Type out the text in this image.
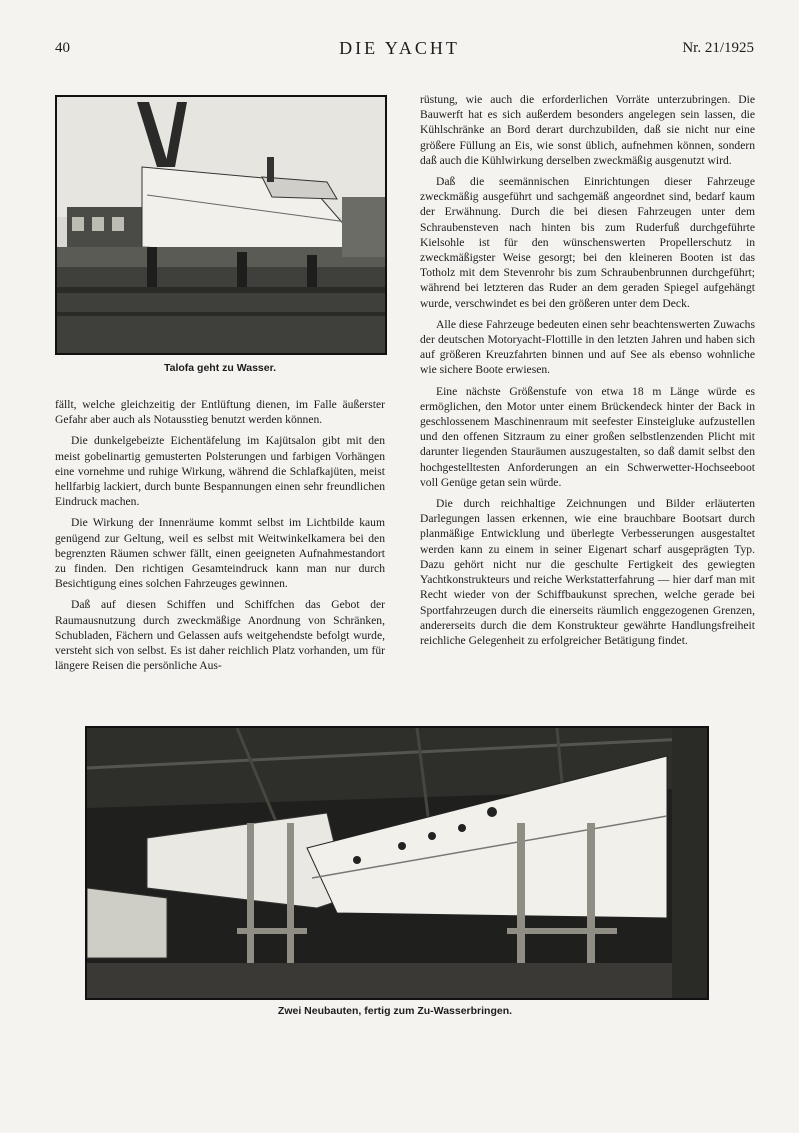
40	DIE YACHT	Nr. 21/1925
Talofa geht zu Wasser.

fällt, welche gleichzeitig der Entlüftung dienen, im Falle äußerster Gefahr aber auch als Notausstieg benutzt werden können.

Die dunkelgebeizte Eichentäfelung im Kajütsalon gibt mit den meist gobelinartig gemusterten Polsterungen und farbigen Vorhängen eine vornehme und ruhige Wirkung, während die Schlafkajüten, meist hellfarbig lackiert, durch bunte Bespannungen einen sehr freundlichen Eindruck machen.

Die Wirkung der Innenräume kommt selbst im Lichtbilde kaum genügend zur Geltung, weil es selbst mit Weitwinkelkamera bei den begrenzten Räumen schwer fällt, einen geeigneten Aufnahmestandort zu finden. Den richtigen Gesamteindruck kann man nur durch Besichtigung eines solchen Fahrzeuges gewinnen.

Daß auf diesen Schiffen und Schiffchen das Gebot der Raumausnutzung durch zweckmäßige Anordnung von Schränken, Schubladen, Fächern und Gelassen aufs weitgehendste befolgt wurde, versteht sich von selbst. Es ist daher reichlich Platz vorhanden, um für längere Reisen die persönliche Aus-

rüstung, wie auch die erforderlichen Vorräte unterzubringen. Die Bauwerft hat es sich außerdem besonders angelegen sein lassen, die Kühlschränke an Bord derart durchzubilden, daß sie nicht nur eine größere Füllung an Eis, wie sonst üblich, aufnehmen können, sondern daß auch die Kühlwirkung derselben zweckmäßig ausgenutzt wird.

Daß die seemännischen Einrichtungen dieser Fahrzeuge zweckmäßig ausgeführt und sachgemäß angeordnet sind, bedarf kaum der Erwähnung. Durch die bei diesen Fahrzeugen unter dem Schraubensteven nach hinten bis zum Ruderfuß durchgeführte Kielsohle ist für den wünschenswerten Propellerschutz in zweckmäßigster Weise gesorgt; bei den kleineren Booten ist das Totholz mit dem Stevenrohr bis zum Schraubenbrunnen durchgeführt; während bei letzteren das Ruder an dem geraden Spiegel aufgehängt wurde, verschwindet es bei den größeren unter dem Deck.

Alle diese Fahrzeuge bedeuten einen sehr beachtenswerten Zuwachs der deutschen Motoryacht-Flottille in den letzten Jahren und haben sich auf größeren Kreuzfahrten binnen und auf See als ebenso wohnliche wie sichere Boote erwiesen.

Eine nächste Größenstufe von etwa 18 m Länge würde es ermöglichen, den Motor unter einem Brückendeck hinter der Back in geschlossenem Maschinenraum mit seefester Einsteigluke aufzustellen und den offenen Sitzraum zu einer großen selbstlenzenden Plicht mit darunter liegenden Stauräumen auszugestalten, so daß damit selbst den hochgestelltesten Anforderungen an ein Schwerwetter-Hochseeboot voll Genüge getan sein würde.

Die durch reichhaltige Zeichnungen und Bilder erläuterten Darlegungen lassen erkennen, wie eine brauchbare Bootsart durch planmäßige Entwicklung und überlegte Verbesserungen ausgestaltet werden kann zu einem in seiner Eigenart scharf ausgeprägten Typ. Dazu gehört nicht nur die geschulte Fertigkeit des gewiegten Yachtkonstrukteurs und reiche Werkstatterfahrung — hier darf man mit Recht wieder von der Schiffbaukunst sprechen, welche gerade bei Sportfahrzeugen durch die einerseits räumlich enggezogenen Grenzen, andererseits durch die dem Konstrukteur gewährte Handlungsfreiheit reichliche Gelegenheit zu erfolgreicher Betätigung findet.

Zwei Neubauten, fertig zum Zu-Wasserbringen.
